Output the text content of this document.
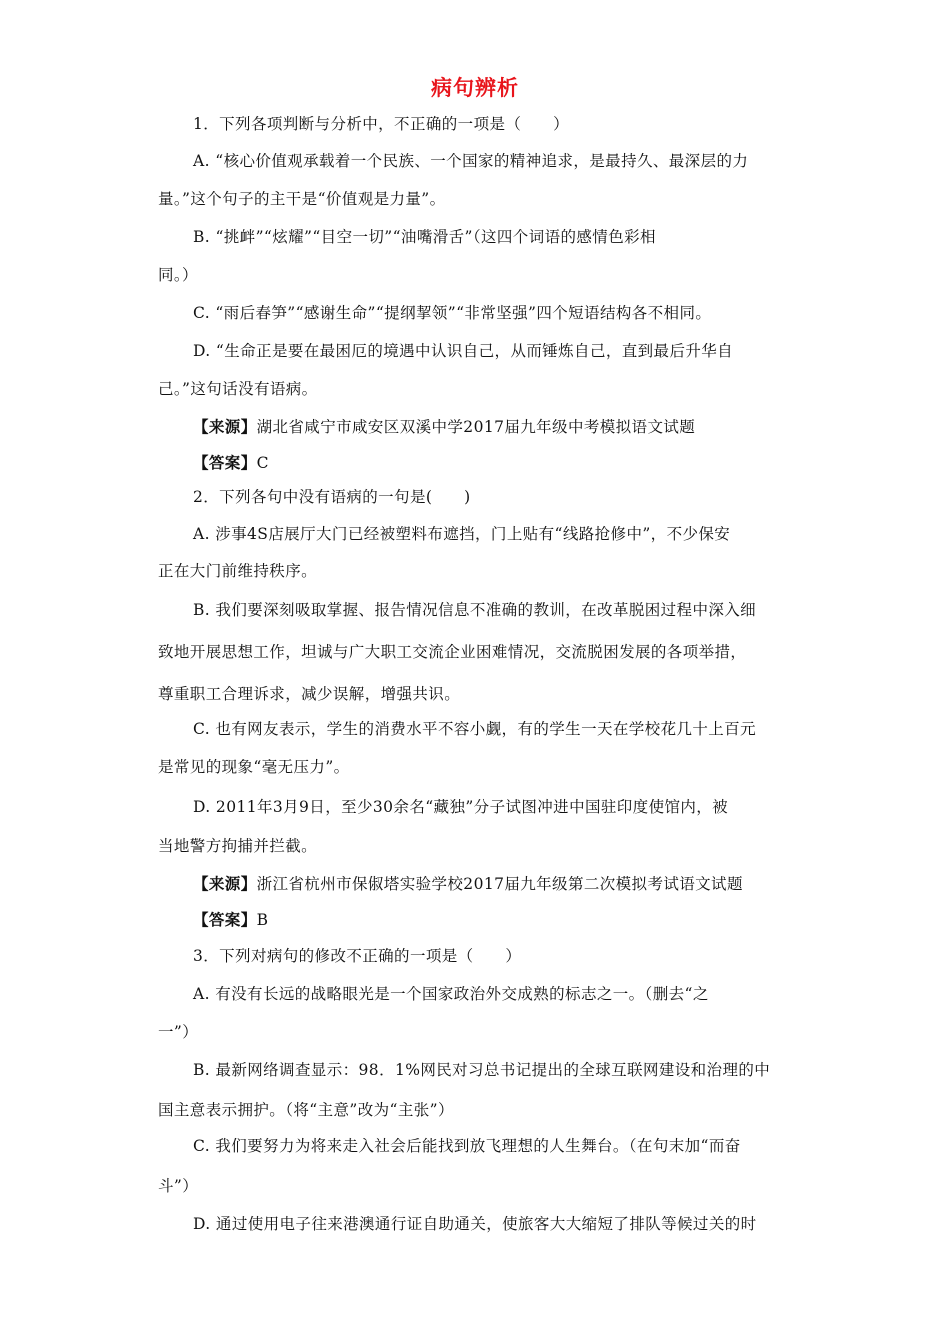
病句辨析
1．下列各项判断与分析中，不正确的一项是（　　）
A. “核心价值观承载着一个民族、一个国家的精神追求，是最持久、最深层的力
量。”这个句子的主干是“价值观是力量”。
B. “挑衅”“炫耀”“目空一切”“油嘴滑舌”（这四个词语的感情色彩相
同。）
C. “雨后春笋”“感谢生命”“提纲挈领”“非常坚强”四个短语结构各不相同。
D. “生命正是要在最困厄的境遇中认识自己，从而锤炼自己，直到最后升华自
己。”这句话没有语病。
【来源】湖北省咸宁市咸安区双溪中学2017届九年级中考模拟语文试题
【答案】C
2．下列各句中没有语病的一句是(　　)
A. 涉事4S店展厅大门已经被塑料布遮挡，门上贴有“线路抢修中”，不少保安
正在大门前维持秩序。
B. 我们要深刻吸取掌握、报告情况信息不准确的教训，在改革脱困过程中深入细
致地开展思想工作，坦诚与广大职工交流企业困难情况，交流脱困发展的各项举措，
尊重职工合理诉求，减少误解，增强共识。
C. 也有网友表示，学生的消费水平不容小觑，有的学生一天在学校花几十上百元
是常见的现象“毫无压力”。
D. 2011年3月9日，至少30余名“藏独”分子试图冲进中国驻印度使馆内，被
当地警方拘捕并拦截。
【来源】浙江省杭州市保俶塔实验学校2017届九年级第二次模拟考试语文试题
【答案】B
3．下列对病句的修改不正确的一项是（　　）
A. 有没有长远的战略眼光是一个国家政治外交成熟的标志之一。（删去“之
一”）
B. 最新网络调查显示：98．1%网民对习总书记提出的全球互联网建设和治理的中
国主意表示拥护。（将“主意”改为“主张”）
C. 我们要努力为将来走入社会后能找到放飞理想的人生舞台。（在句末加“而奋
斗”）
D. 通过使用电子往来港澳通行证自助通关，使旅客大大缩短了排队等候过关的时
